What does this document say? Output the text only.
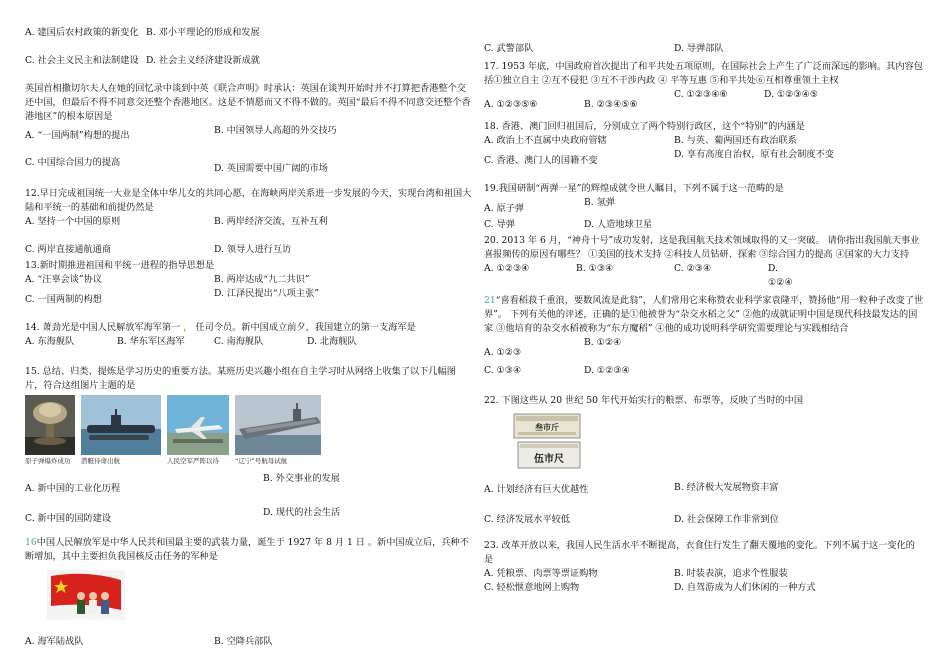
A. 建国后农村政策的新变化 B. 邓小平理论的形成和发展
C. 社会主义民主和法制建设 D. 社会主义经济建设新成就

英国首相撒切尔夫人在她的回忆录中谈到中英《联合声明》时承认：英国在谈判开始时并不打算把香港整个交还中国，但最后不得不同意交还整个香港地区。这是不情愿而又不得不做的。英国“最后不得不同意交还整个香港地区”的根本原因是

A. “一国两制”构想的提出	B. 中国领导人高超的外交技巧
C. 中国综合国力的提高
D. 英国需要中国广阔的市场

12.早日完成祖国统一大业是全体中华儿女的共同心愿，在海峡两岸关系进一步发展的今天，实现台湾和祖国大陆和平统一的基础和前提仍然是

A. 坚持一个中国的原则	B. 两岸经济交流，互补互利
C. 两岸直接通航通商	D. 领导人进行互访

13.新时期推进祖国和平统一进程的指导思想是

A. “汪辜会谈”协议	B. 两岸达成“九二共识”
C. 一国两制的构想
D. 江泽民提出“八项主张”

14. 萧劲光是中国人民解放军海军第一 ， 任司令员。新中国成立前夕，我国建立的第一支海军是

A. 东海舰队	B. 华东军区海军	C. 南海舰队	D. 北海舰队

15. 总结、归类、提炼是学习历史的重要方法。某班历史兴趣小组在自主学习时从网络上收集了以下几幅图片，符合这组图片主题的是

原子弹爆炸成功 潜艇待命出航	人民空军严阵以待 “辽宁”号航母试航
A. 新中国的工业化历程
B. 外交事业的发展
C. 新中国的国防建设
D. 现代的社会生活

16中国人民解放军是中华人民共和国最主要的武装力量，诞生于 1927 年 8 月 1 日 。新中国成立后，兵种不断增加，其中主要担负我国核反击任务的军种是

A. 海军陆战队	B. 空降兵部队
C. 武警部队	D. 导弹部队

17. 1953 年底，中国政府首次提出了和平共处五项原则，在国际社会上产生了广泛而深远的影响。其内容包括①独立自主 ②互不侵犯 ③互不干涉内政 ④ 平等互惠 ⑤和平共处⑥互相尊重领土主权

A. ①②③⑤⑥	B. ②③④⑤⑥
C. ①②③④⑥	D. ①②③④⑤

18. 香港、澳门回归祖国后，分别成立了两个特别行政区，这个“特别”的内涵是

A. 政治上不直属中央政府管辖	B. 与英、葡两国还有政治联系
C. 香港、澳门人的国籍不变
D. 享有高度自治权，原有社会制度不变

19.我国研制“两弹一星”的辉煌成就令世人瞩目，下列不属于这一范畴的是

A. 原子弹
B. 氢弹
C. 导弹	D. 人造地球卫星

20. 2013 年 6 月，“神舟十号”成功发射，这是我国航天技术领域取得的又一突破。 请你指出我国航天事业喜报频传的原因有哪些？ ①美国的技术支持 ②科技人员钻研、探索 ③综合国力的提高 ④国家的大力支持

A. ①②③④	B. ①③④	C. ②③④	D. ①②④

21“喜看稻菽千重浪，要数风流是此翁”，人们常用它来称赞农业科学家袁隆平，赞扬他“用一粒种子改变了世界”。 下列有关他的评述，正确的是①他被誉为“杂交水稻之父” ②他的成就证明中国是现代科技最发达的国家 ③他培育的杂交水稻被称为“东方魔稻” ④他的成功说明科学研究需要理论与实践相结合

A. ①②③
B. ①②④
C. ①③④	D. ①②③④

22. 下图这些从 20 世纪 50 年代开始实行的粮票、布票等，反映了当时的中国

叁市斤
伍市尺
A. 计划经济有巨大优越性	B. 经济极大发展物资丰富
C. 经济发展水平较低	D. 社会保障工作非常到位

23. 改革开放以来，我国人民生活水平不断提高，衣食住行发生了翻天覆地的变化。下列不属于这一变化的是

A. 凭粮票、肉票等票证购物	B. 时装表演，追求个性服装
C. 轻松惬意地网上购物	D. 自驾游成为人们休闲的一种方式
